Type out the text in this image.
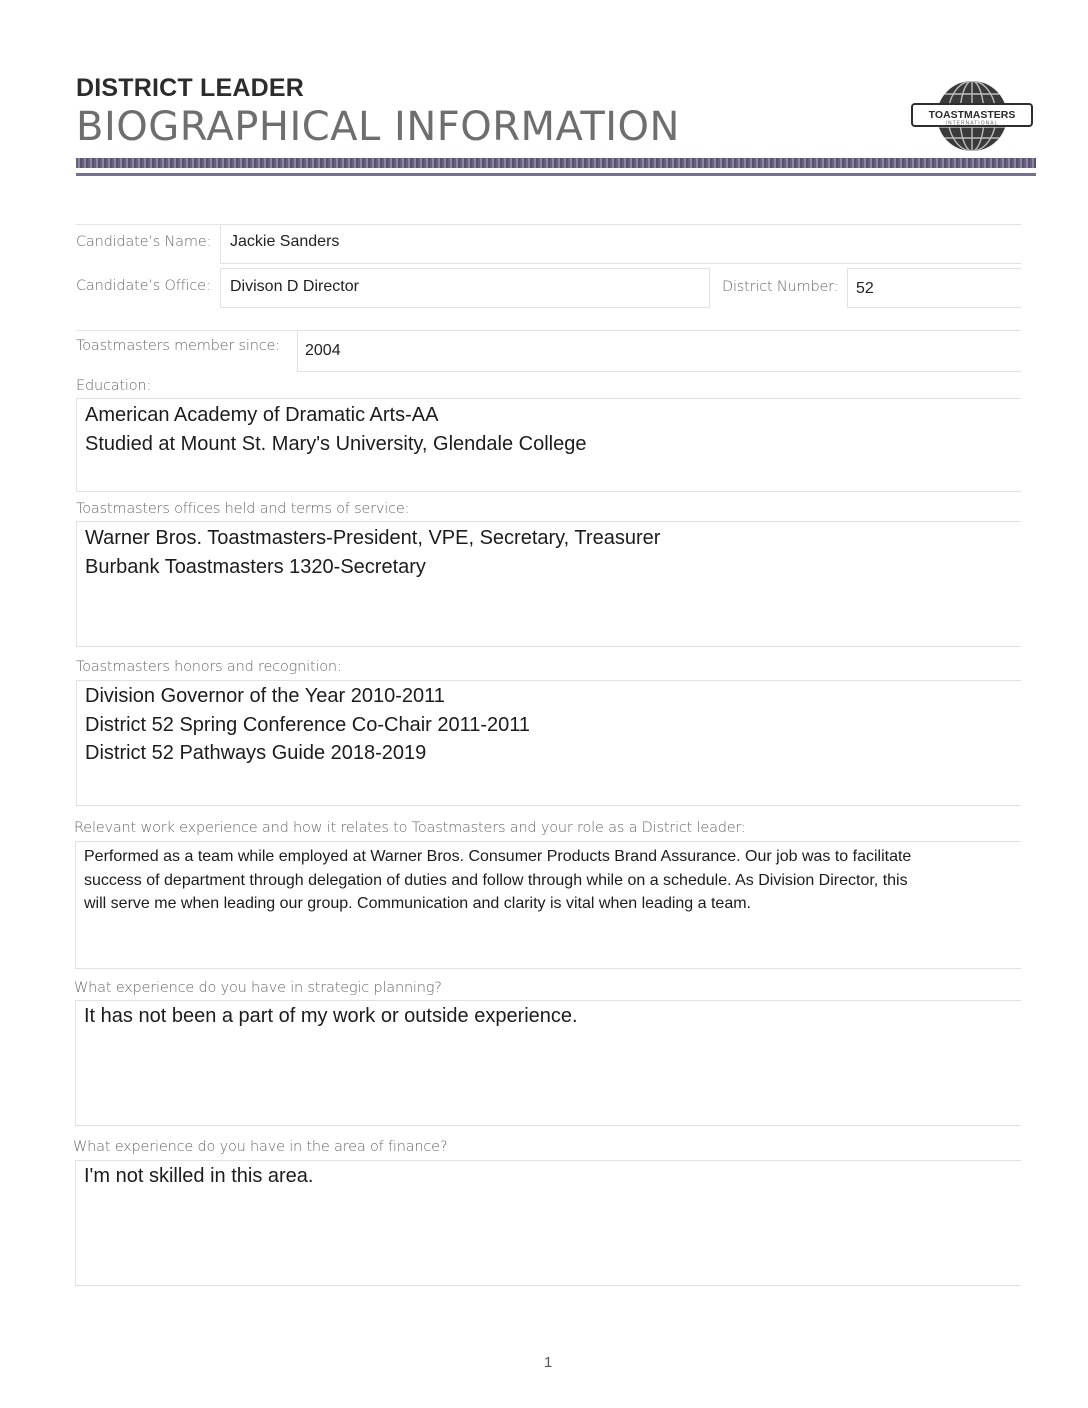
DISTRICT LEADER
BIOGRAPHICAL INFORMATION	TOASTMASTERS
INTERNATIONAL
Candidate’s Name: Jackie Sanders
Candidate’s Office: Divison D Director	District Number: 52
Toastmasters member since: 2004
Education:
American Academy of Dramatic Arts-AA
Studied at Mount St. Mary's University, Glendale College
Toastmasters offices held and terms of service:
Warner Bros. Toastmasters-President, VPE, Secretary, Treasurer
Burbank Toastmasters 1320-Secretary
Toastmasters honors and recognition:
Division Governor of the Year 2010-2011
District 52 Spring Conference Co-Chair 2011-2011
District 52 Pathways Guide 2018-2019
Relevant work experience and how it relates to Toastmasters and your role as a District leader:
Performed as a team while employed at Warner Bros. Consumer Products Brand Assurance. Our job was to facilitate
success of department through delegation of duties and follow through while on a schedule. As Division Director, this
will serve me when leading our group. Communication and clarity is vital when leading a team.
What experience do you have in strategic planning?
It has not been a part of my work or outside experience.
What experience do you have in the area of finance?
I'm not skilled in this area.
1
